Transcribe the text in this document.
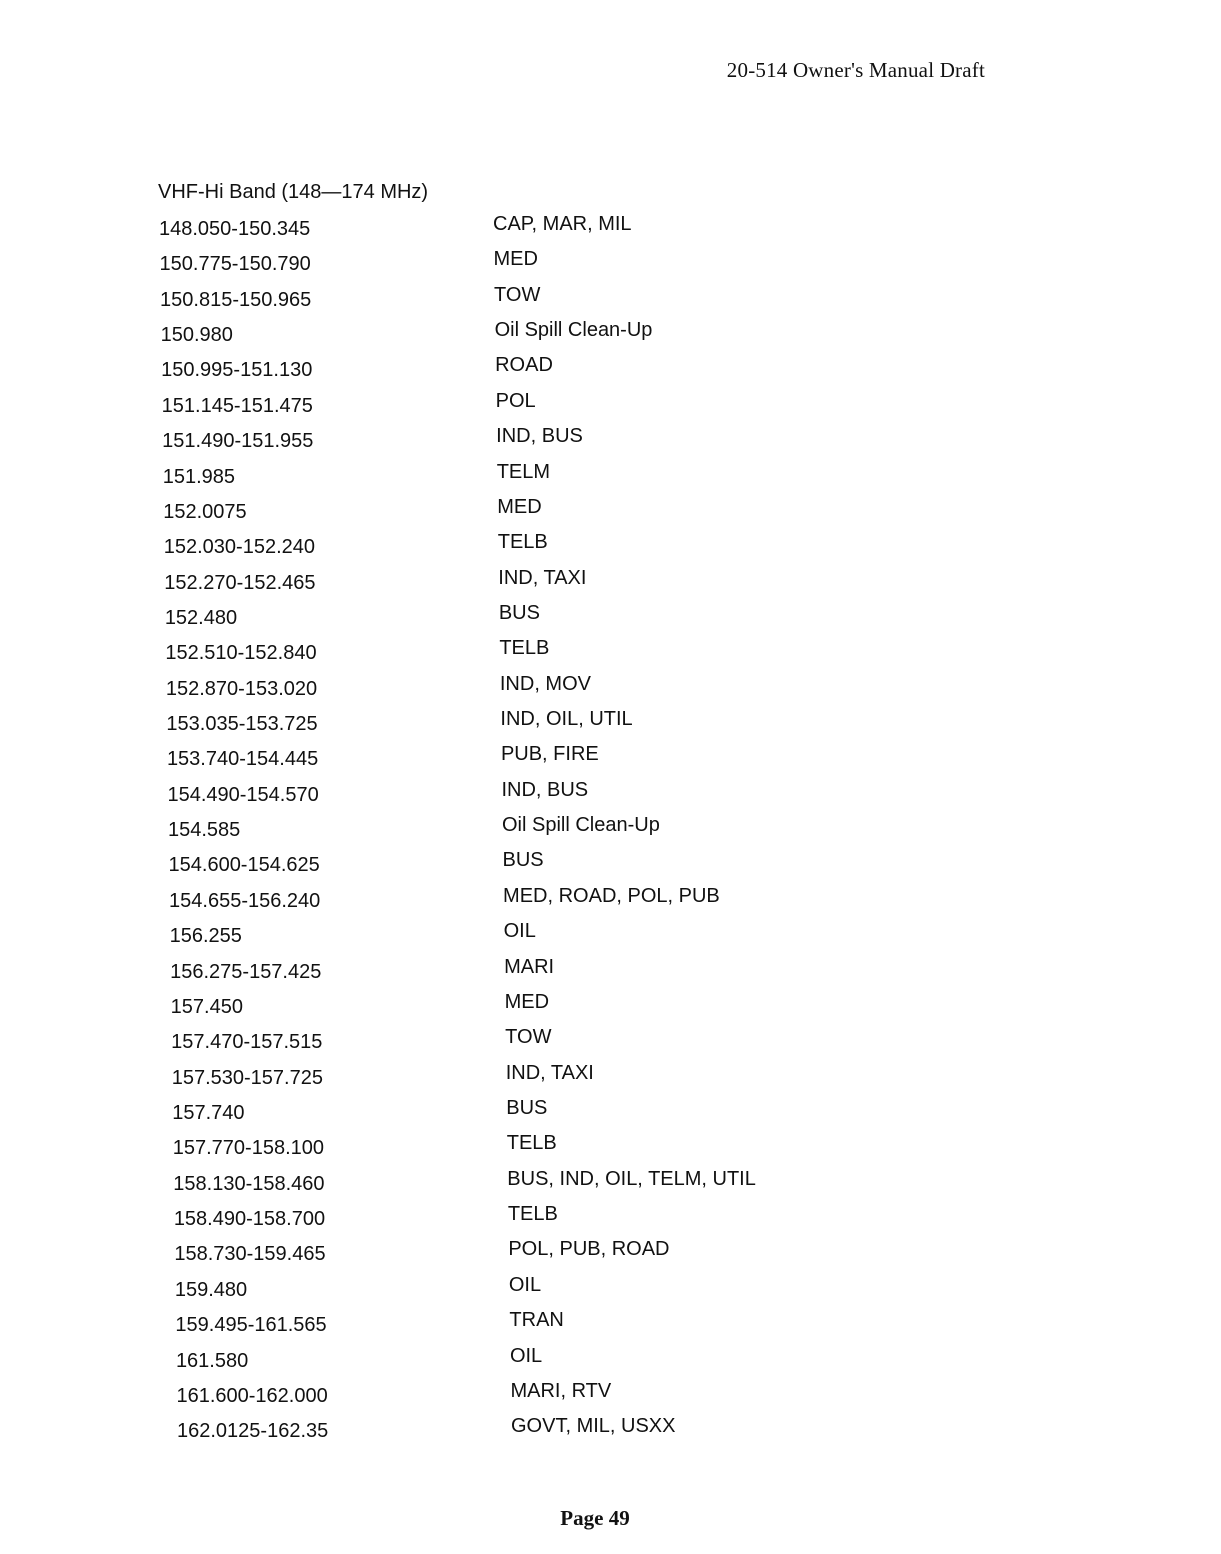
20-514 Owner's Manual Draft
VHF-Hi Band (148—174 MHz)
148.050-150.345	CAP, MAR, MIL
150.775-150.790	MED
150.815-150.965	TOW
150.980	Oil Spill Clean-Up
150.995-151.130	ROAD
151.145-151.475	POL
151.490-151.955	IND, BUS
151.985	TELM
152.0075	MED
152.030-152.240	TELB
152.270-152.465	IND, TAXI
152.480	BUS
152.510-152.840	TELB
152.870-153.020	IND, MOV
153.035-153.725	IND, OIL, UTIL
153.740-154.445	PUB, FIRE
154.490-154.570	IND, BUS
154.585	Oil Spill Clean-Up
154.600-154.625	BUS
154.655-156.240	MED, ROAD, POL, PUB
156.255	OIL
156.275-157.425	MARI
157.450	MED
157.470-157.515	TOW
157.530-157.725	IND, TAXI
157.740	BUS
157.770-158.100	TELB
158.130-158.460	BUS, IND, OIL, TELM, UTIL
158.490-158.700	TELB
158.730-159.465	POL, PUB, ROAD
159.480	OIL
159.495-161.565	TRAN
161.580	OIL
161.600-162.000	MARI, RTV
162.0125-162.35	GOVT, MIL, USXX
Page 49
